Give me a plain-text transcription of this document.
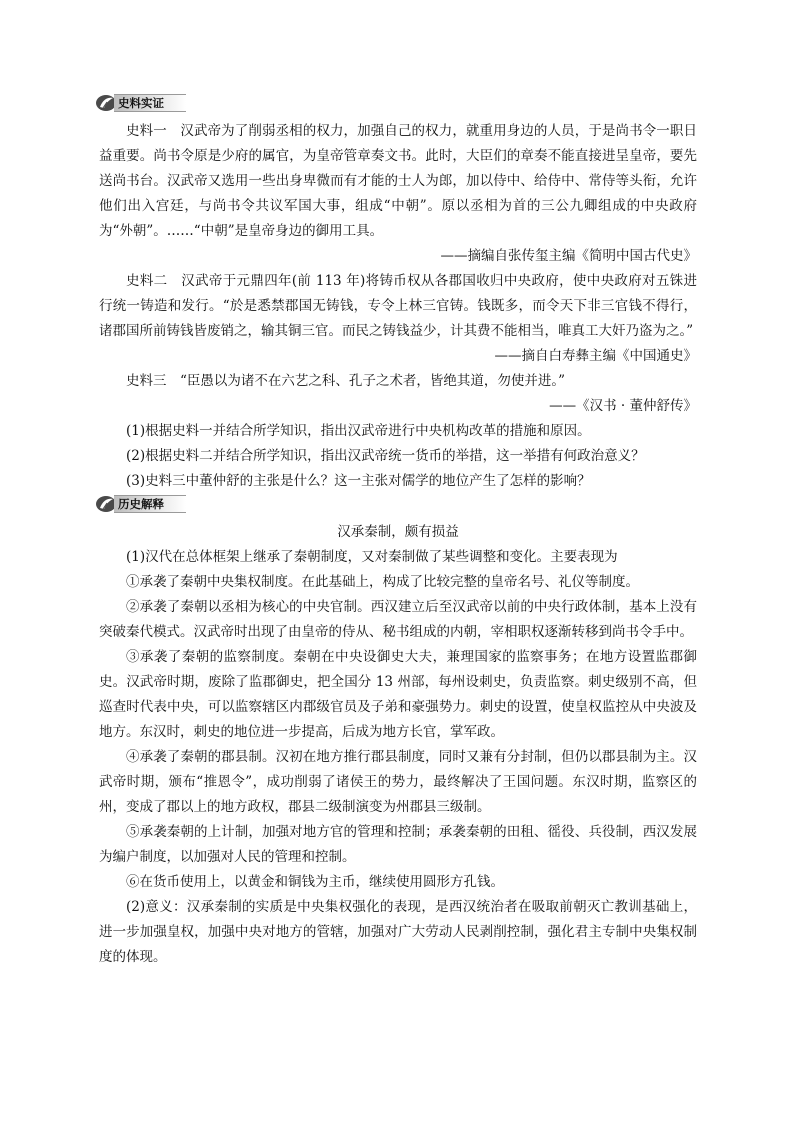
史料实证

史料一　汉武帝为了削弱丞相的权力，加强自己的权力，就重用身边的人员，于是尚书令一职日益重要。尚书令原是少府的属官，为皇帝管章奏文书。此时，大臣们的章奏不能直接进呈皇帝，要先送尚书台。汉武帝又选用一些出身卑微而有才能的士人为郎，加以侍中、给侍中、常侍等头衔，允许他们出入宫廷，与尚书令共议军国大事，组成“中朝”。原以丞相为首的三公九卿组成的中央政府为“外朝”。……“中朝”是皇帝身边的御用工具。

——摘编自张传玺主编《简明中国古代史》

史料二　汉武帝于元鼎四年(前 113 年)将铸币权从各郡国收归中央政府，使中央政府对五铢进行统一铸造和发行。“於是悉禁郡国无铸钱，专令上林三官铸。钱既多，而令天下非三官钱不得行，诸郡国所前铸钱皆废销之，输其铜三官。而民之铸钱益少，计其费不能相当，唯真工大奸乃盗为之。”

——摘自白寿彝主编《中国通史》

史料三　“臣愚以为诸不在六艺之科、孔子之术者，皆绝其道，勿使并进。”

——《汉书 · 董仲舒传》

(1)根据史料一并结合所学知识，指出汉武帝进行中央机构改革的措施和原因。

(2)根据史料二并结合所学知识，指出汉武帝统一货币的举措，这一举措有何政治意义？

(3)史料三中董仲舒的主张是什么？这一主张对儒学的地位产生了怎样的影响？

历史解释

汉承秦制，颇有损益

(1)汉代在总体框架上继承了秦朝制度，又对秦制做了某些调整和变化。主要表现为

①承袭了秦朝中央集权制度。在此基础上，构成了比较完整的皇帝名号、礼仪等制度。

②承袭了秦朝以丞相为核心的中央官制。西汉建立后至汉武帝以前的中央行政体制，基本上没有突破秦代模式。汉武帝时出现了由皇帝的侍从、秘书组成的内朝，宰相职权逐渐转移到尚书令手中。

③承袭了秦朝的监察制度。秦朝在中央设御史大夫，兼理国家的监察事务；在地方设置监郡御史。汉武帝时期，废除了监郡御史，把全国分 13 州部，每州设刺史，负责监察。刺史级别不高，但巡查时代表中央，可以监察辖区内郡级官员及子弟和豪强势力。刺史的设置，使皇权监控从中央波及地方。东汉时，刺史的地位进一步提高，后成为地方长官，掌军政。

④承袭了秦朝的郡县制。汉初在地方推行郡县制度，同时又兼有分封制，但仍以郡县制为主。汉武帝时期，颁布“推恩令”，成功削弱了诸侯王的势力，最终解决了王国问题。东汉时期，监察区的州，变成了郡以上的地方政权，郡县二级制演变为州郡县三级制。

⑤承袭秦朝的上计制，加强对地方官的管理和控制；承袭秦朝的田租、徭役、兵役制，西汉发展为编户制度，以加强对人民的管理和控制。

⑥在货币使用上，以黄金和铜钱为主币，继续使用圆形方孔钱。

(2)意义：汉承秦制的实质是中央集权强化的表现，是西汉统治者在吸取前朝灭亡教训基础上，进一步加强皇权，加强中央对地方的管辖，加强对广大劳动人民剥削控制，强化君主专制中央集权制度的体现。
